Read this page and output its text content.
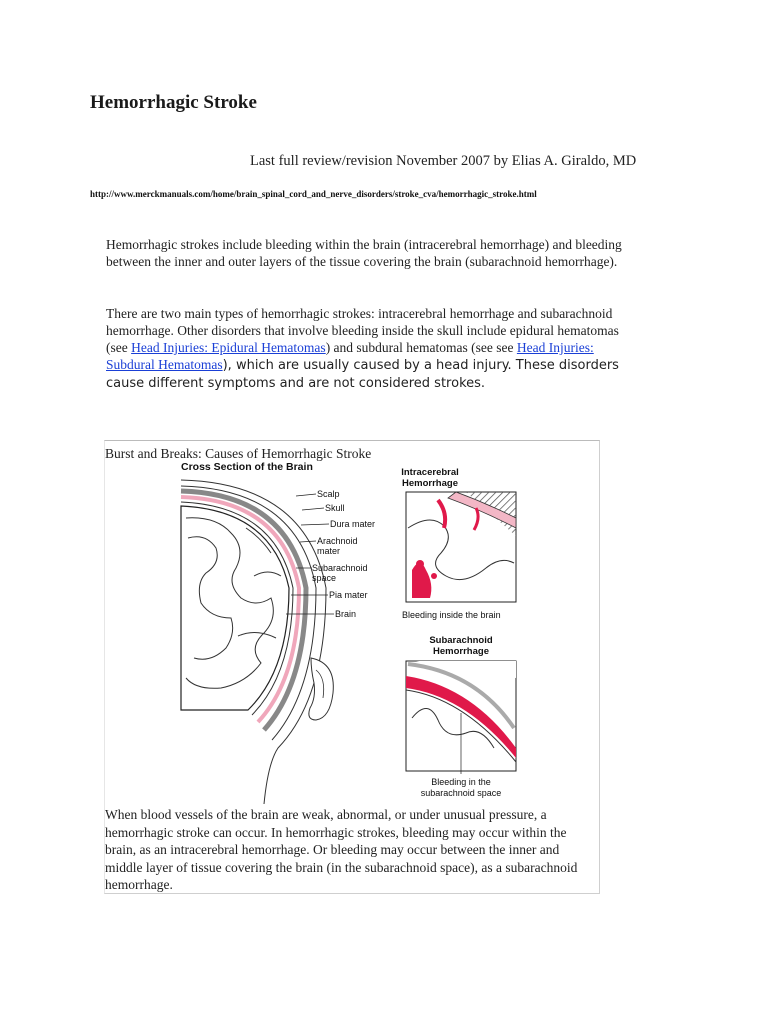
Hemorrhagic Stroke
Last full review/revision November 2007 by Elias A. Giraldo, MD
http://www.merckmanuals.com/home/brain_spinal_cord_and_nerve_disorders/stroke_cva/hemorrhagic_stroke.html
Hemorrhagic strokes include bleeding within the brain (intracerebral hemorrhage) and bleeding between the inner and outer layers of the tissue covering the brain (subarachnoid hemorrhage).
There are two main types of hemorrhagic strokes: intracerebral hemorrhage and subarachnoid hemorrhage. Other disorders that involve bleeding inside the skull include epidural hematomas (see Head Injuries: Epidural Hematomas) and subdural hematomas (see see Head Injuries: Subdural Hematomas), which are usually caused by a head injury. These disorders cause different symptoms and are not considered strokes.
Burst and Breaks: Causes of Hemorrhagic Stroke
Cross Section of the Brain
Scalp
Skull
Dura mater
Arachnoid
mater
Subarachnoid
space
Pia mater
Brain
Intracerebral
Hemorrhage
Bleeding inside the brain
Subarachnoid
Hemorrhage
Bleeding in the
subarachnoid space
When blood vessels of the brain are weak, abnormal, or under unusual pressure, a hemorrhagic stroke can occur. In hemorrhagic strokes, bleeding may occur within the brain, as an intracerebral hemorrhage. Or bleeding may occur between the inner and middle layer of tissue covering the brain (in the subarachnoid space), as a subarachnoid hemorrhage.
